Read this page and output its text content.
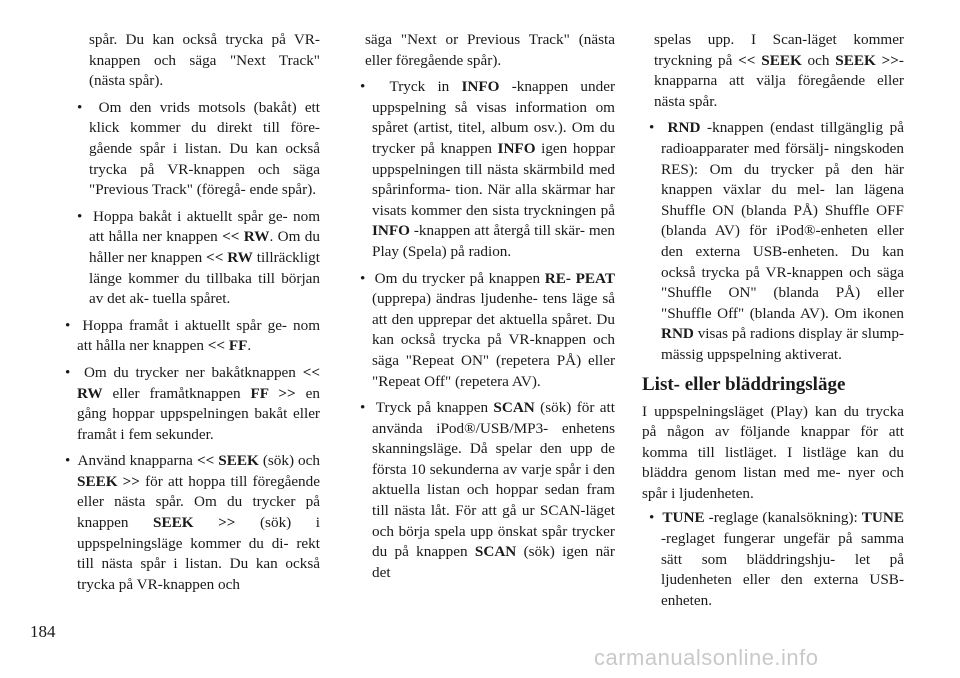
spår. Du kan också trycka på VR-knappen och säga "Next Track" (nästa spår).

• Om den vrids motsols (bakåt) ett klick kommer du direkt till före- gående spår i listan. Du kan också trycka på VR-knappen och säga "Previous Track" (föregå- ende spår).

• Hoppa bakåt i aktuellt spår ge- nom att hålla ner knappen << RW. Om du håller ner knappen << RW tillräckligt länge kommer du tillbaka till början av det ak- tuella spåret.

• Hoppa framåt i aktuellt spår ge- nom att hålla ner knappen << FF.

• Om du trycker ner bakåtknappen << RW eller framåtknappen FF >> en gång hoppar uppspelningen bakåt eller framåt i fem sekunder.

• Använd knapparna << SEEK (sök) och SEEK >> för att hoppa till föregående eller nästa spår. Om du trycker på knappen SEEK >> (sök) i uppspelningsläge kommer du di- rekt till nästa spår i listan. Du kan också trycka på VR-knappen och

säga "Next or Previous Track" (nästa eller föregående spår).

• Tryck in INFO -knappen under uppspelning så visas information om spåret (artist, titel, album osv.). Om du trycker på knappen INFO igen hoppar uppspelningen till nästa skärmbild med spårinforma- tion. När alla skärmar har visats kommer den sista tryckningen på INFO -knappen att återgå till skär- men Play (Spela) på radion.

• Om du trycker på knappen RE- PEAT (upprepa) ändras ljudenhe- tens läge så att den upprepar det aktuella spåret. Du kan också trycka på VR-knappen och säga "Repeat ON" (repetera PÅ) eller "Repeat Off" (repetera AV).

• Tryck på knappen SCAN (sök) för att använda iPod®/USB/MP3- enhetens skanningsläge. Då spelar den upp de första 10 sekunderna av varje spår i den aktuella listan och hoppar sedan fram till nästa låt. För att gå ur SCAN-läget och börja spela upp önskat spår trycker du på knappen SCAN (sök) igen när det

spelas upp. I Scan-läget kommer tryckning på << SEEK och SEEK >>-knapparna att välja föregående eller nästa spår.

• RND -knappen (endast tillgänglig på radioapparater med försälj- ningskoden RES): Om du trycker på den här knappen växlar du mel- lan lägena Shuffle ON (blanda PÅ) Shuffle OFF (blanda AV) för iPod®-enheten eller den externa USB-enheten. Du kan också trycka på VR-knappen och säga "Shuffle ON" (blanda PÅ) eller "Shuffle Off" (blanda AV). Om ikonen RND visas på radions display är slump- mässig uppspelning aktiverat.

List- eller bläddringsläge

I uppspelningsläget (Play) kan du trycka på någon av följande knappar för att komma till listläget. I listläge kan du bläddra genom listan med me- nyer och spår i ljudenheten.

• TUNE -reglage (kanalsökning): TUNE -reglaget fungerar ungefär på samma sätt som bläddringshju- let på ljudenheten eller den externa USB-enheten.

184
carmanualsonline.info
